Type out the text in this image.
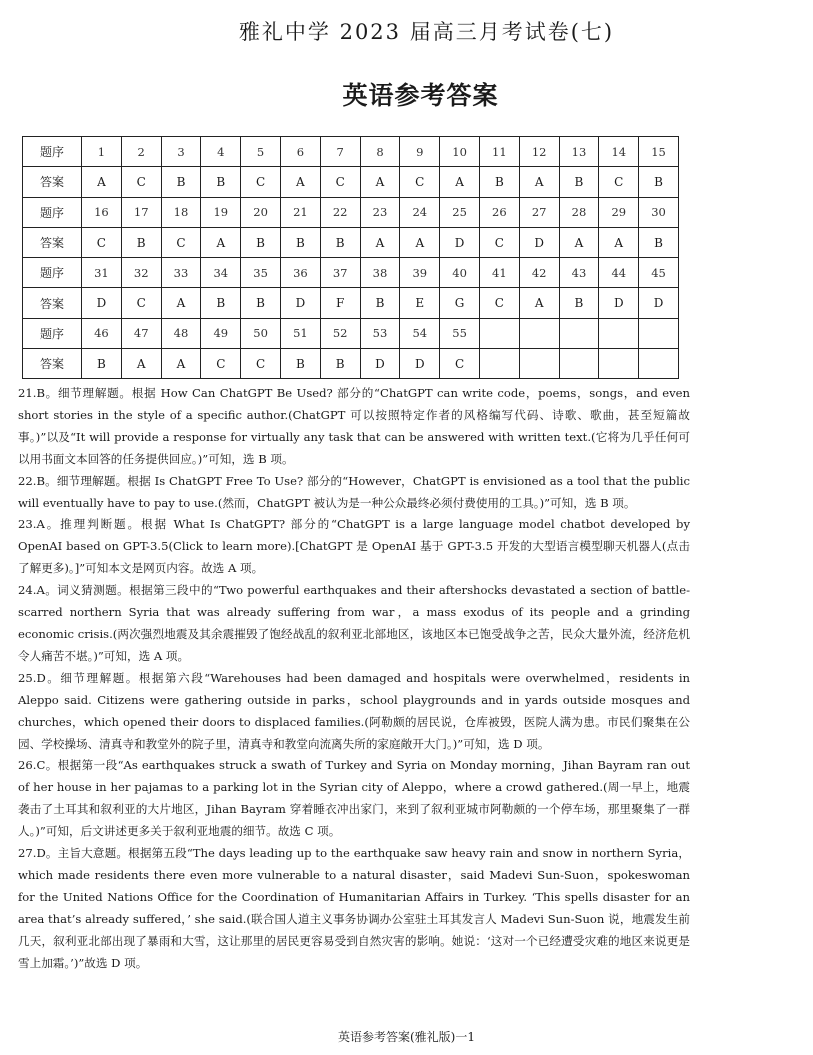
雅礼中学 2023 届高三月考试卷(七)
英语参考答案
题序	1	2	3	4	5	6	7	8	9	10	11	12	13	14	15
答案	A	C	B	B	C	A	C	A	C	A	B	A	B	C	B
题序	16	17	18	19	20	21	22	23	24	25	26	27	28	29	30
答案	C	B	C	A	B	B	B	A	A	D	C	D	A	A	B
题序	31	32	33	34	35	36	37	38	39	40	41	42	43	44	45
答案	D	C	A	B	B	D	F	B	E	G	C	A	B	D	D
题序	46	47	48	49	50	51	52	53	54	55					
答案	B	A	A	C	C	B	B	D	D	C					

21.B。细节理解题。根据 How Can ChatGPT Be Used? 部分的“ChatGPT can write code，poems，songs，and even short stories in the style of a specific author.(ChatGPT 可以按照特定作者的风格编写代码、诗歌、歌曲，甚至短篇故事。)”以及“It will provide a response for virtually any task that can be answered with written text.(它将为几乎任何可以用书面文本回答的任务提供回应。)”可知，选 B 项。

22.B。细节理解题。根据 Is ChatGPT Free To Use? 部分的“However，ChatGPT is envisioned as a tool that the public will eventually have to pay to use.(然而，ChatGPT 被认为是一种公众最终必须付费使用的工具。)”可知，选 B 项。

23.A。推理判断题。根据 What Is ChatGPT? 部分的“ChatGPT is a large language model chatbot developed by OpenAI based on GPT-3.5(Click to learn more).[ChatGPT 是 OpenAI 基于 GPT-3.5 开发的大型语言模型聊天机器人(点击了解更多)。]”可知本文是网页内容。故选 A 项。

24.A。词义猜测题。根据第三段中的“Two powerful earthquakes and their aftershocks devastated a section of battle-scarred northern Syria that was already suffering from war，a mass exodus of its people and a grinding economic crisis.(两次强烈地震及其余震摧毁了饱经战乱的叙利亚北部地区，该地区本已饱受战争之苦，民众大量外流，经济危机令人痛苦不堪。)”可知，选 A 项。

25.D。细节理解题。根据第六段“Warehouses had been damaged and hospitals were overwhelmed，residents in Aleppo said. Citizens were gathering outside in parks，school playgrounds and in yards outside mosques and churches，which opened their doors to displaced families.(阿勒颇的居民说，仓库被毁，医院人满为患。市民们聚集在公园、学校操场、清真寺和教堂外的院子里，清真寺和教堂向流离失所的家庭敞开大门。)”可知，选 D 项。

26.C。根据第一段“As earthquakes struck a swath of Turkey and Syria on Monday morning，Jihan Bayram ran out of her house in her pajamas to a parking lot in the Syrian city of Aleppo，where a crowd gathered.(周一早上，地震袭击了土耳其和叙利亚的大片地区，Jihan Bayram 穿着睡衣冲出家门，来到了叙利亚城市阿勒颇的一个停车场，那里聚集了一群人。)”可知，后文讲述更多关于叙利亚地震的细节。故选 C 项。

27.D。主旨大意题。根据第五段“The days leading up to the earthquake saw heavy rain and snow in northern Syria，which made residents there even more vulnerable to a natural disaster，said Madevi Sun-Suon，spokeswoman for the United Nations Office for the Coordination of Humanitarian Affairs in Turkey. ‘This spells disaster for an area that’s already suffered，’ she said.(联合国人道主义事务协调办公室驻土耳其发言人 Madevi Sun-Suon 说，地震发生前几天，叙利亚北部出现了暴雨和大雪，这让那里的居民更容易受到自然灾害的影响。她说：‘这对一个已经遭受灾难的地区来说更是雪上加霜。’)”故选 D 项。

英语参考答案(雅礼版)一1
